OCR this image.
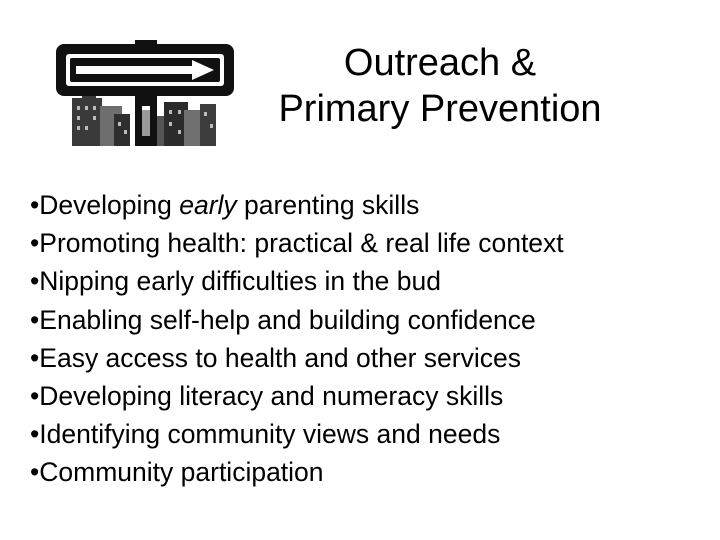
Outreach &
Primary Prevention
•Developing early parenting skills
•Promoting health: practical & real life context
•Nipping early difficulties in the bud
•Enabling self-help and building confidence
•Easy access to health and other services
•Developing literacy and numeracy skills
•Identifying community views and needs
•Community participation
